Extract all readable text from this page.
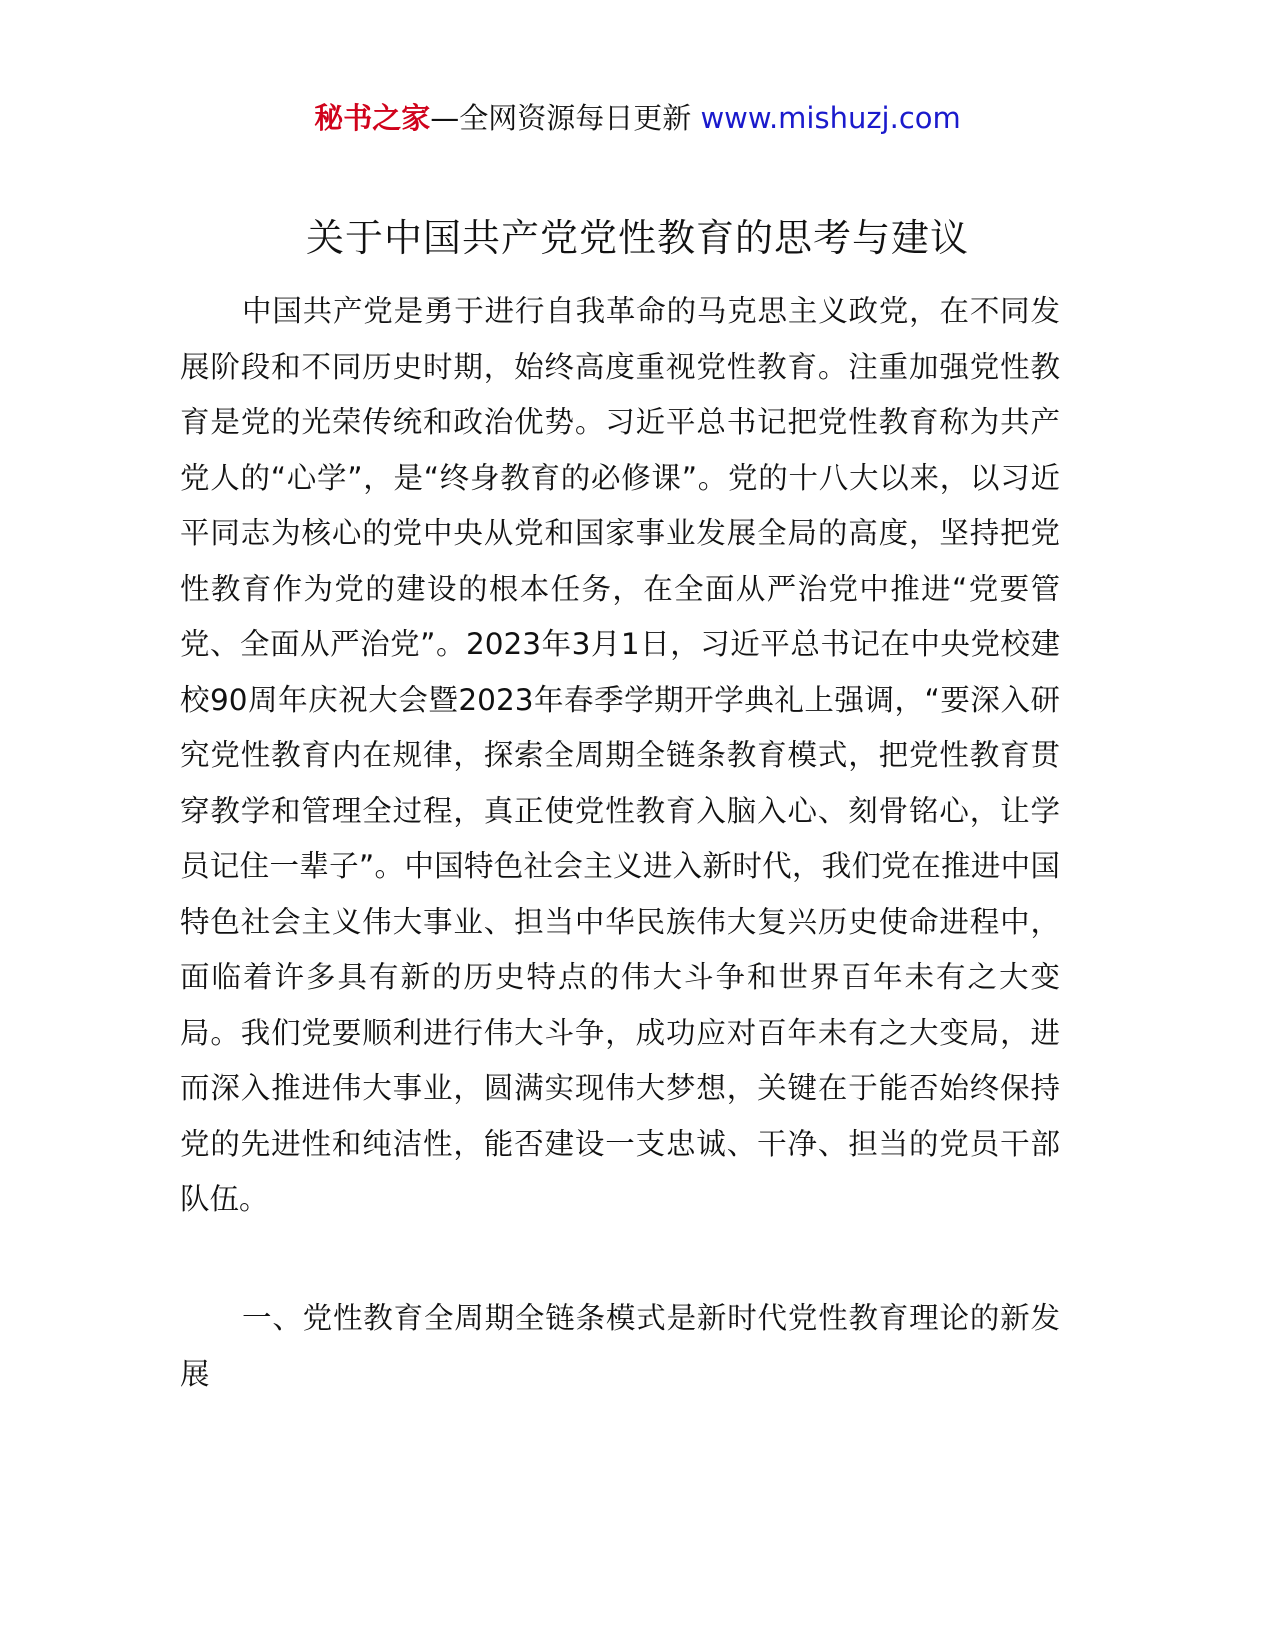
秘书之家—全网资源每日更新 www.mishuzj.com
关于中国共产党党性教育的思考与建议

中国共产党是勇于进行自我革命的马克思主义政党，在不同发展阶段和不同历史时期，始终高度重视党性教育。注重加强党性教育是党的光荣传统和政治优势。习近平总书记把党性教育称为共产党人的“心学”，是“终身教育的必修课”。党的十八大以来，以习近平同志为核心的党中央从党和国家事业发展全局的高度，坚持把党性教育作为党的建设的根本任务，在全面从严治党中推进“党要管党、全面从严治党”。2023年3月1日，习近平总书记在中央党校建校90周年庆祝大会暨2023年春季学期开学典礼上强调，“要深入研究党性教育内在规律，探索全周期全链条教育模式，把党性教育贯穿教学和管理全过程，真正使党性教育入脑入心、刻骨铭心，让学员记住一辈子”。中国特色社会主义进入新时代，我们党在推进中国特色社会主义伟大事业、担当中华民族伟大复兴历史使命进程中，面临着许多具有新的历史特点的伟大斗争和世界百年未有之大变局。我们党要顺利进行伟大斗争，成功应对百年未有之大变局，进而深入推进伟大事业，圆满实现伟大梦想，关键在于能否始终保持党的先进性和纯洁性，能否建设一支忠诚、干净、担当的党员干部队伍。

一、党性教育全周期全链条模式是新时代党性教育理论的新发展
